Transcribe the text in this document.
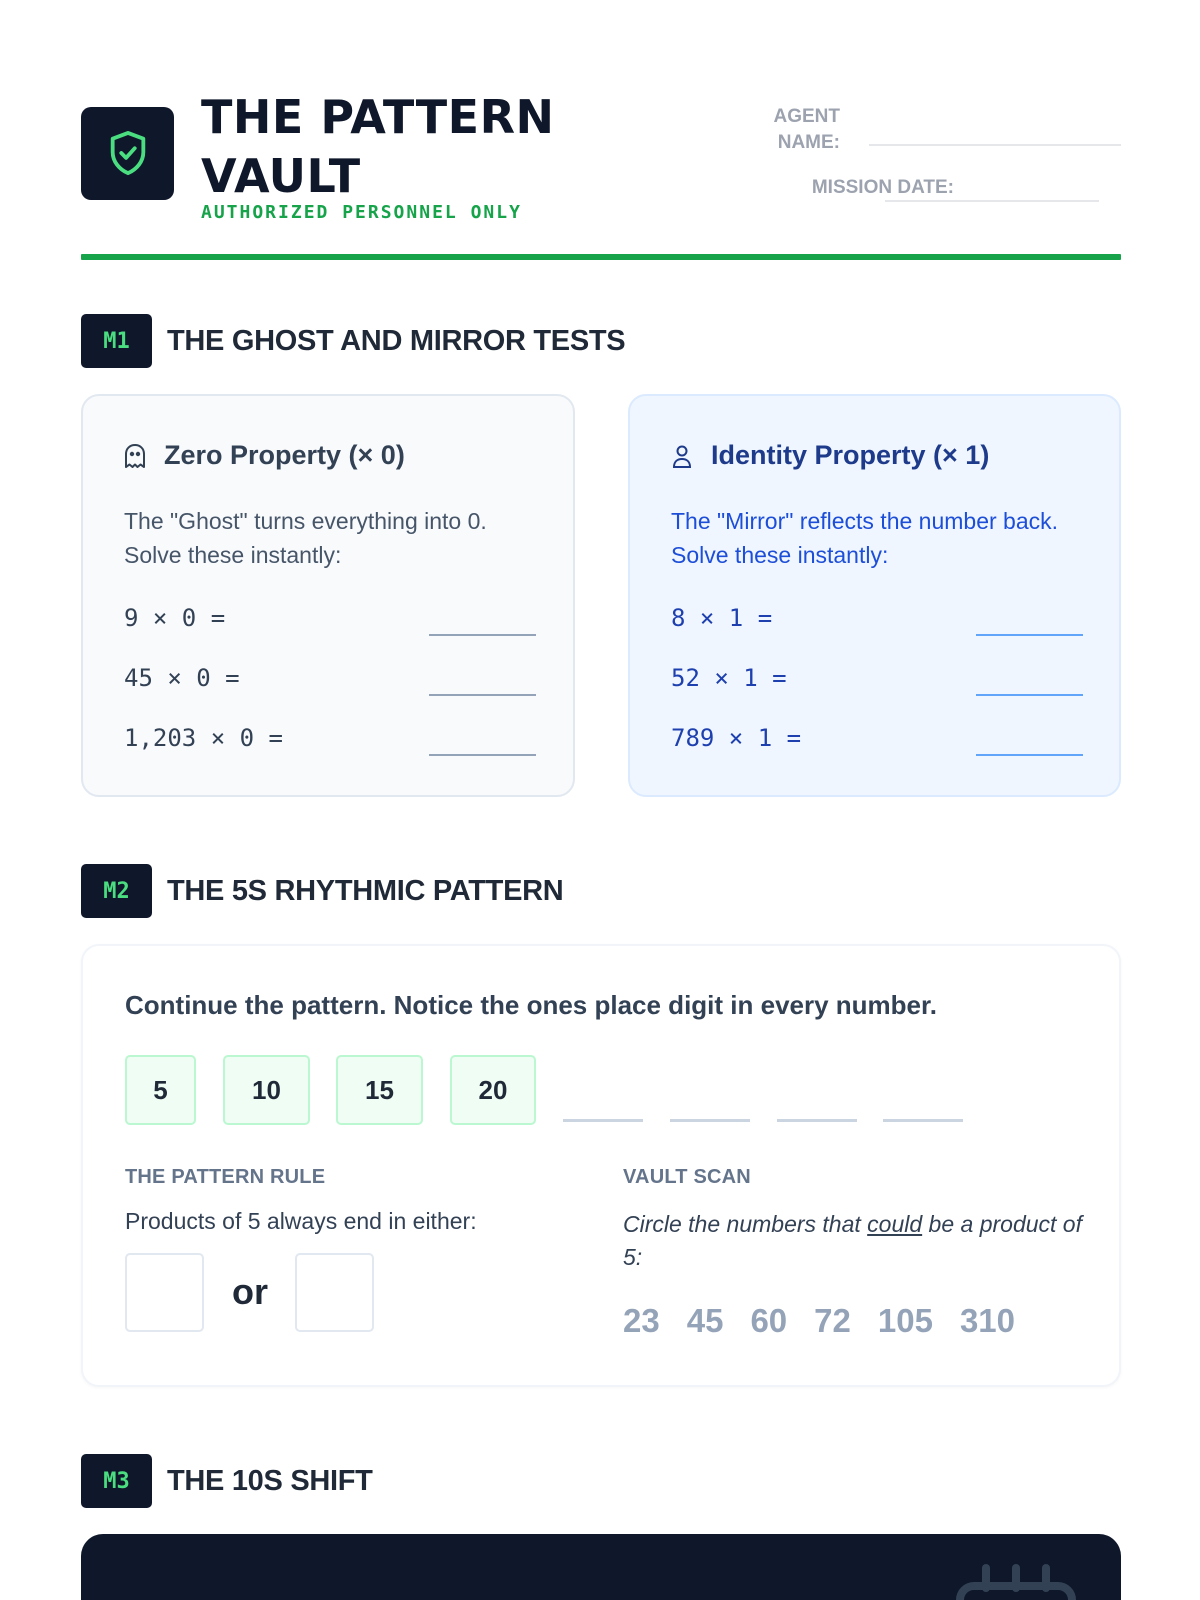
THE PATTERN
VAULT
AUTHORIZED PERSONNEL ONLY
AGENT
NAME:
MISSION DATE:
M1	THE GHOST AND MIRROR TESTS
Zero Property (× 0)
The "Ghost" turns everything into 0.
Solve these instantly:
9 × 0 =
45 × 0 =
1,203 × 0 =
Identity Property (× 1)
The "Mirror" reflects the number back.
Solve these instantly:
8 × 1 =
52 × 1 =
789 × 1 =
M2	THE 5S RHYTHMIC PATTERN
Continue the pattern. Notice the ones place digit in every number.
5	10	15	20
THE PATTERN RULE
Products of 5 always end in either:
or
VAULT SCAN
Circle the numbers that could be a product of 5:
23 45 60 72 105 310
M3	THE 10S SHIFT
